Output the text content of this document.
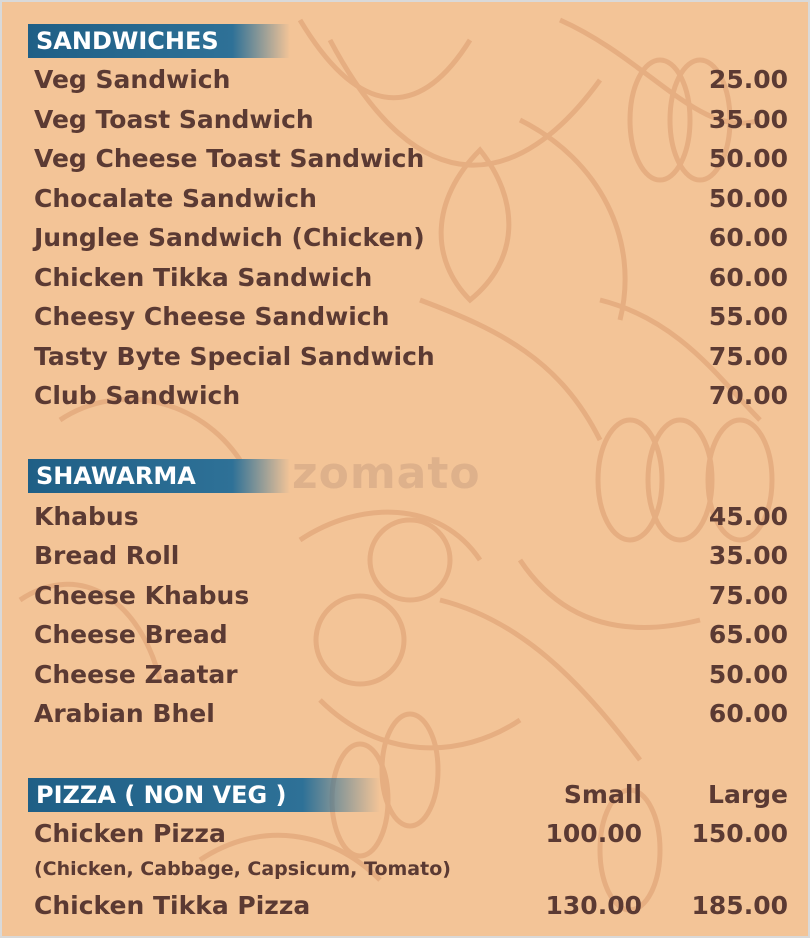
zomato
SANDWICHES
Veg Sandwich	25.00
Veg Toast Sandwich	35.00
Veg Cheese Toast Sandwich	50.00
Chocalate Sandwich	50.00
Junglee Sandwich (Chicken)	60.00
Chicken Tikka Sandwich	60.00
Cheesy Cheese Sandwich	55.00
Tasty Byte Special Sandwich	75.00
Club Sandwich	70.00
SHAWARMA
Khabus	45.00
Bread Roll	35.00
Cheese Khabus	75.00
Cheese Bread	65.00
Cheese Zaatar	50.00
Arabian Bhel	60.00
PIZZA ( NON VEG )	Small	Large
Chicken Pizza	100.00 150.00
(Chicken, Cabbage, Capsicum, Tomato)
Chicken Tikka Pizza	130.00 185.00
